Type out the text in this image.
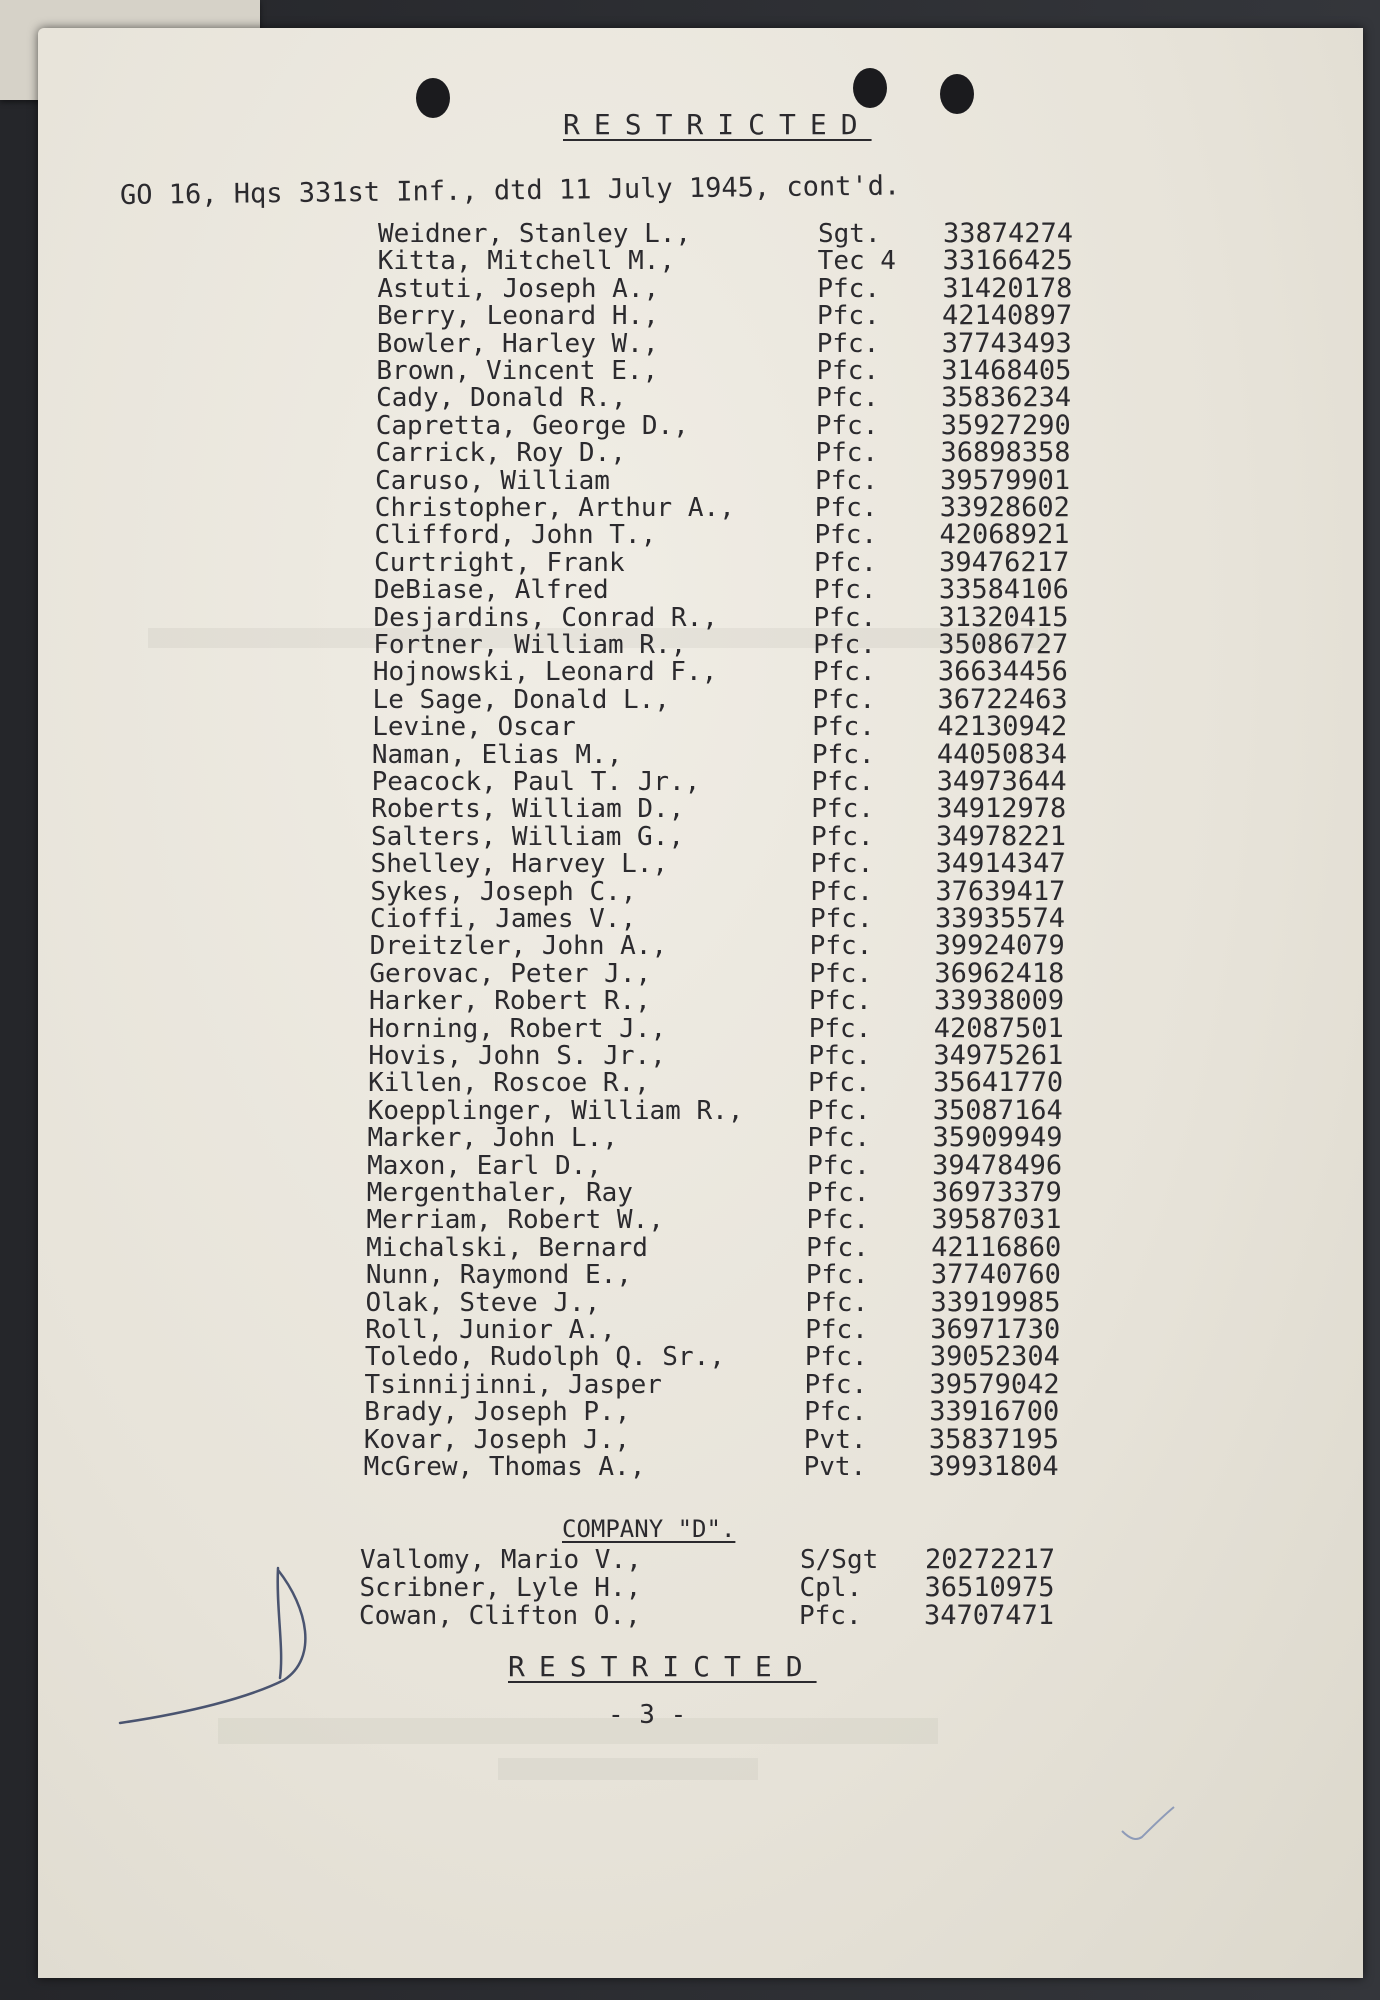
RESTRICTED
GO 16, Hqs 331st Inf., dtd 11 July 1945, cont'd.
Weidner, Stanley L.,	Sgt. 33874274
Kitta, Mitchell M.,	Tec 4 33166425
Astuti, Joseph A.,	Pfc. 31420178
Berry, Leonard H.,	Pfc. 42140897
Bowler, Harley W.,	Pfc. 37743493
Brown, Vincent E.,	Pfc. 31468405
Cady, Donald R.,	Pfc. 35836234
Capretta, George D.,	Pfc. 35927290
Carrick, Roy D.,	Pfc. 36898358
Caruso, William	Pfc. 39579901
Christopher, Arthur A.,	Pfc. 33928602
Clifford, John T.,	Pfc. 42068921
Curtright, Frank	Pfc. 39476217
DeBiase, Alfred	Pfc. 33584106
Desjardins, Conrad R.,	Pfc. 31320415
Fortner, William R.,	Pfc. 35086727
Hojnowski, Leonard F.,	Pfc. 36634456
Le Sage, Donald L.,	Pfc. 36722463
Levine, Oscar	Pfc. 42130942
Naman, Elias M.,	Pfc. 44050834
Peacock, Paul T. Jr.,	Pfc. 34973644
Roberts, William D.,	Pfc. 34912978
Salters, William G.,	Pfc. 34978221
Shelley, Harvey L.,	Pfc. 34914347
Sykes, Joseph C.,	Pfc. 37639417
Cioffi, James V.,	Pfc. 33935574
Dreitzler, John A.,	Pfc. 39924079
Gerovac, Peter J.,	Pfc. 36962418
Harker, Robert R.,	Pfc. 33938009
Horning, Robert J.,	Pfc. 42087501
Hovis, John S. Jr.,	Pfc. 34975261
Killen, Roscoe R.,	Pfc. 35641770
Koepplinger, William R., Pfc. 35087164
Marker, John L.,	Pfc. 35909949
Maxon, Earl D.,	Pfc. 39478496
Mergenthaler, Ray	Pfc. 36973379
Merriam, Robert W.,	Pfc. 39587031
Michalski, Bernard	Pfc. 42116860
Nunn, Raymond E.,	Pfc. 37740760
Olak, Steve J.,	Pfc. 33919985
Roll, Junior A.,	Pfc. 36971730
Toledo, Rudolph Q. Sr.,	Pfc. 39052304
Tsinnijinni, Jasper	Pfc. 39579042
Brady, Joseph P.,	Pfc. 33916700
Kovar, Joseph J.,	Pvt. 35837195
McGrew, Thomas A.,	Pvt. 39931804
COMPANY "D".
Vallomy, Mario V.,	S/Sgt 20272217
Scribner, Lyle H.,	Cpl. 36510975
Cowan, Clifton O.,	Pfc. 34707471
RESTRICTED
- 3 -
